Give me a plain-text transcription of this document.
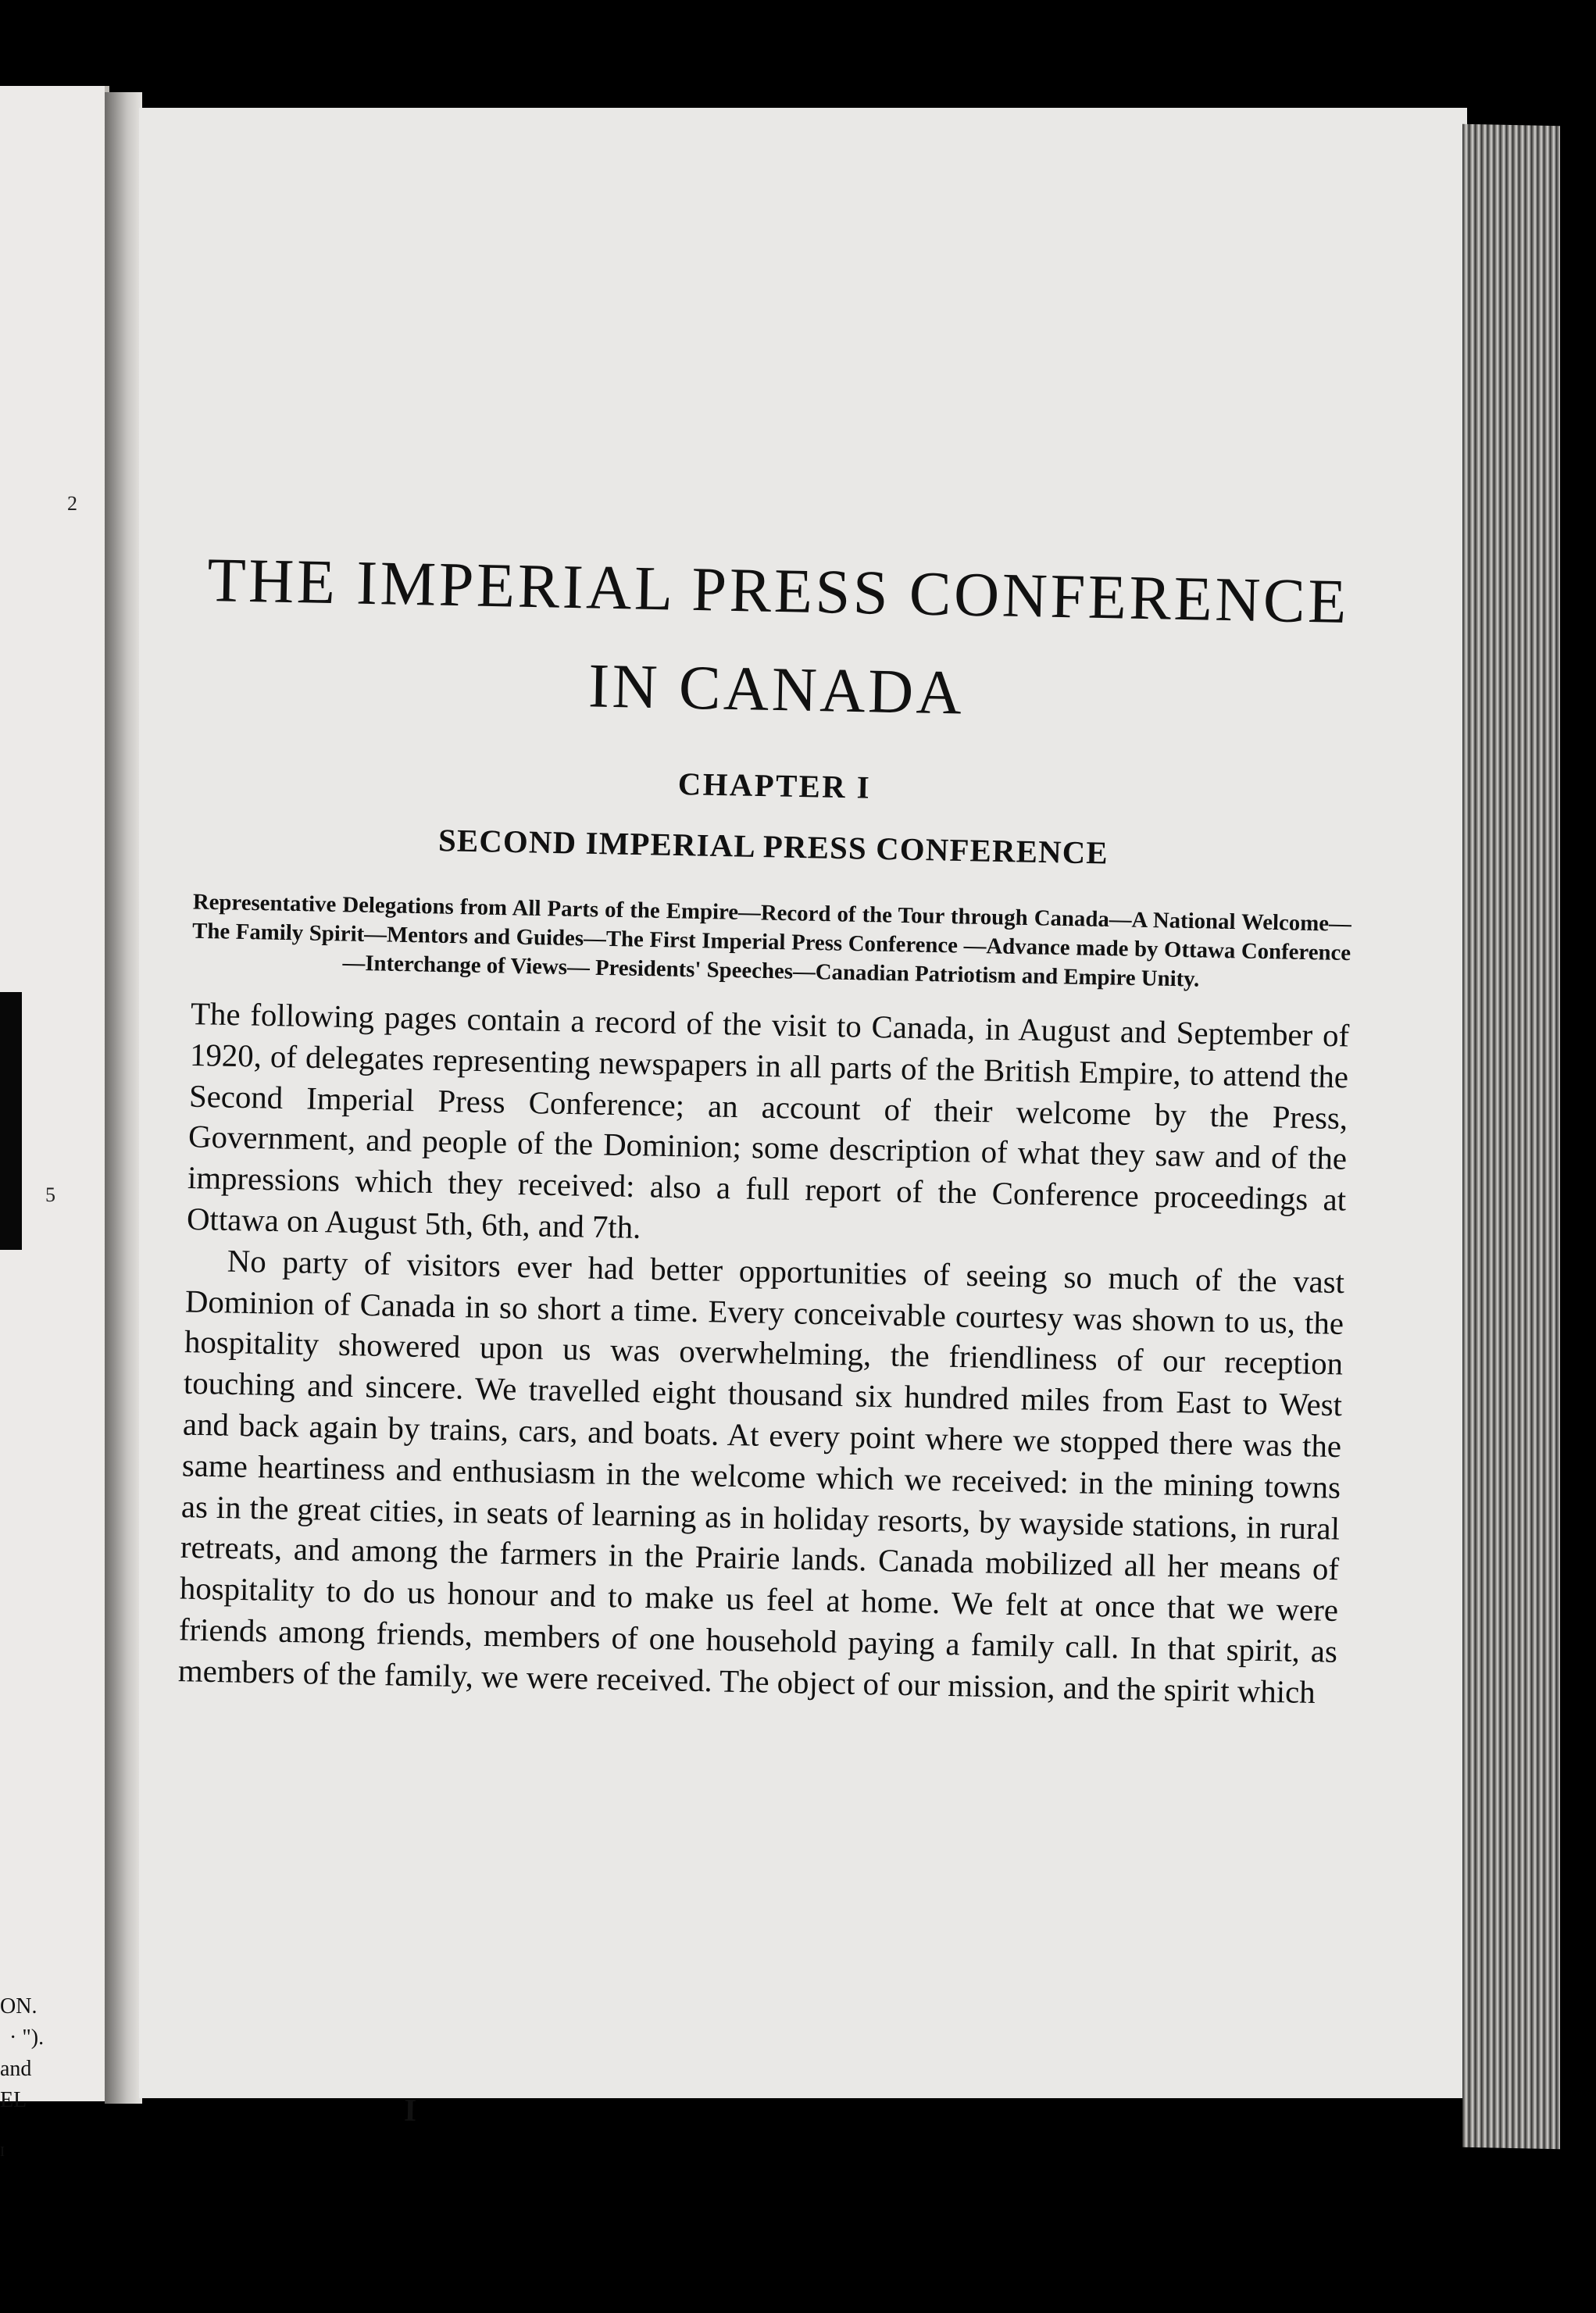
2
5
ON.
· ").
and
EL
I
THE IMPERIAL PRESS CONFERENCE IN CANADA
CHAPTER I
SECOND IMPERIAL PRESS CONFERENCE
Representative Delegations from All Parts of the Empire—Record of the Tour through Canada—A National Welcome—The Family Spirit—Mentors and Guides—The First Imperial Press Conference —Advance made by Ottawa Conference—Interchange of Views— Presidents' Speeches—Canadian Patriotism and Empire Unity.

The following pages contain a record of the visit to Canada, in August and September of 1920, of delegates representing newspapers in all parts of the British Empire, to attend the Second Imperial Press Conference; an account of their welcome by the Press, Government, and people of the Dominion; some description of what they saw and of the impressions which they received: also a full report of the Conference proceedings at Ottawa on August 5th, 6th, and 7th.

No party of visitors ever had better opportunities of seeing so much of the vast Dominion of Canada in so short a time. Every conceivable courtesy was shown to us, the hospitality showered upon us was overwhelming, the friendliness of our reception touching and sincere. We travelled eight thousand six hundred miles from East to West and back again by trains, cars, and boats. At every point where we stopped there was the same heartiness and enthusiasm in the welcome which we received: in the mining towns as in the great cities, in seats of learning as in holiday resorts, by wayside stations, in rural retreats, and among the farmers in the Prairie lands. Canada mobilized all her means of hospitality to do us honour and to make us feel at home. We felt at once that we were friends among friends, members of one household paying a family call. In that spirit, as members of the family, we were received. The object of our mission, and the spirit which

I
